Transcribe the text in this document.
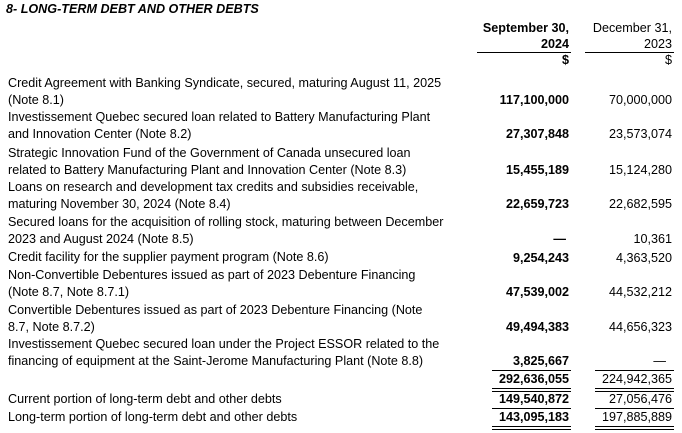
8- LONG-TERM DEBT AND OTHER DEBTS
September 30,
2024
$
December 31,
2023
$
Credit Agreement with Banking Syndicate, secured, maturing August 11, 2025
(Note 8.1)	117,100,000	70,000,000
Investissement Quebec secured loan related to Battery Manufacturing Plant
and Innovation Center (Note 8.2)	27,307,848	23,573,074
Strategic Innovation Fund of the Government of Canada unsecured loan
related to Battery Manufacturing Plant and Innovation Center (Note 8.3)	15,455,189	15,124,280
Loans on research and development tax credits and subsidies receivable,
maturing November 30, 2024 (Note 8.4)	22,659,723	22,682,595
Secured loans for the acquisition of rolling stock, maturing between December
2023 and August 2024 (Note 8.5)	—	10,361
Credit facility for the supplier payment program (Note 8.6)	9,254,243	4,363,520
Non-Convertible Debentures issued as part of 2023 Debenture Financing
(Note 8.7, Note 8.7.1)	47,539,002	44,532,212
Convertible Debentures issued as part of 2023 Debenture Financing (Note
8.7, Note 8.7.2)	49,494,383	44,656,323
Investissement Quebec secured loan under the Project ESSOR related to the
financing of equipment at the Saint-Jerome Manufacturing Plant (Note 8.8)	3,825,667	—
292,636,055	224,942,365
Current portion of long-term debt and other debts	149,540,872	27,056,476
Long-term portion of long-term debt and other debts	143,095,183	197,885,889
